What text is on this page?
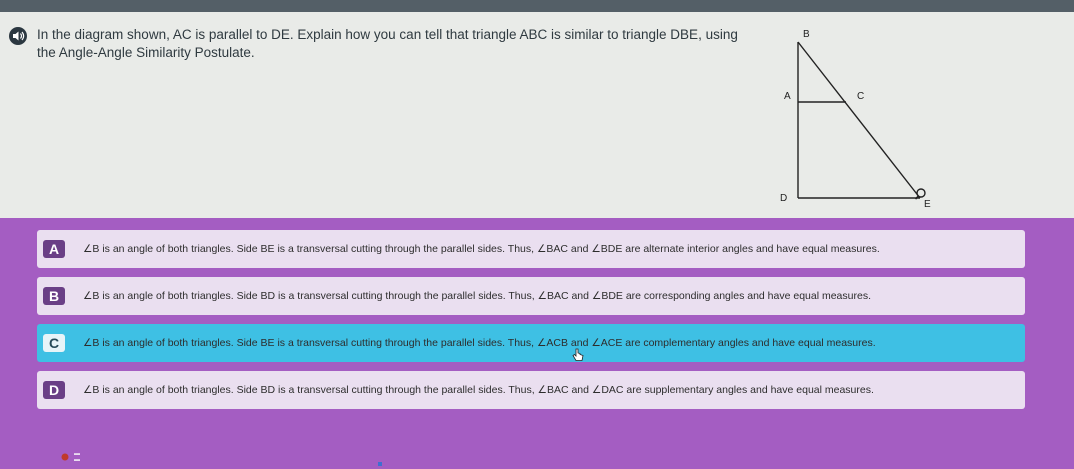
In the diagram shown, AC is parallel to DE. Explain how you can tell that triangle ABC is similar to triangle DBE, using the Angle-Angle Similarity Postulate.
B
A	C
D
E
A	∠B is an angle of both triangles. Side BE is a transversal cutting through the parallel sides. Thus, ∠BAC and ∠BDE are alternate interior angles and have equal measures.
B	∠B is an angle of both triangles. Side BD is a transversal cutting through the parallel sides. Thus, ∠BAC and ∠BDE are corresponding angles and have equal measures.
C	∠B is an angle of both triangles. Side BE is a transversal cutting through the parallel sides. Thus, ∠ACB and ∠ACE are complementary angles and have equal measures.
D	∠B is an angle of both triangles. Side BD is a transversal cutting through the parallel sides. Thus, ∠BAC and ∠DAC are supplementary angles and have equal measures.
▬
▬
